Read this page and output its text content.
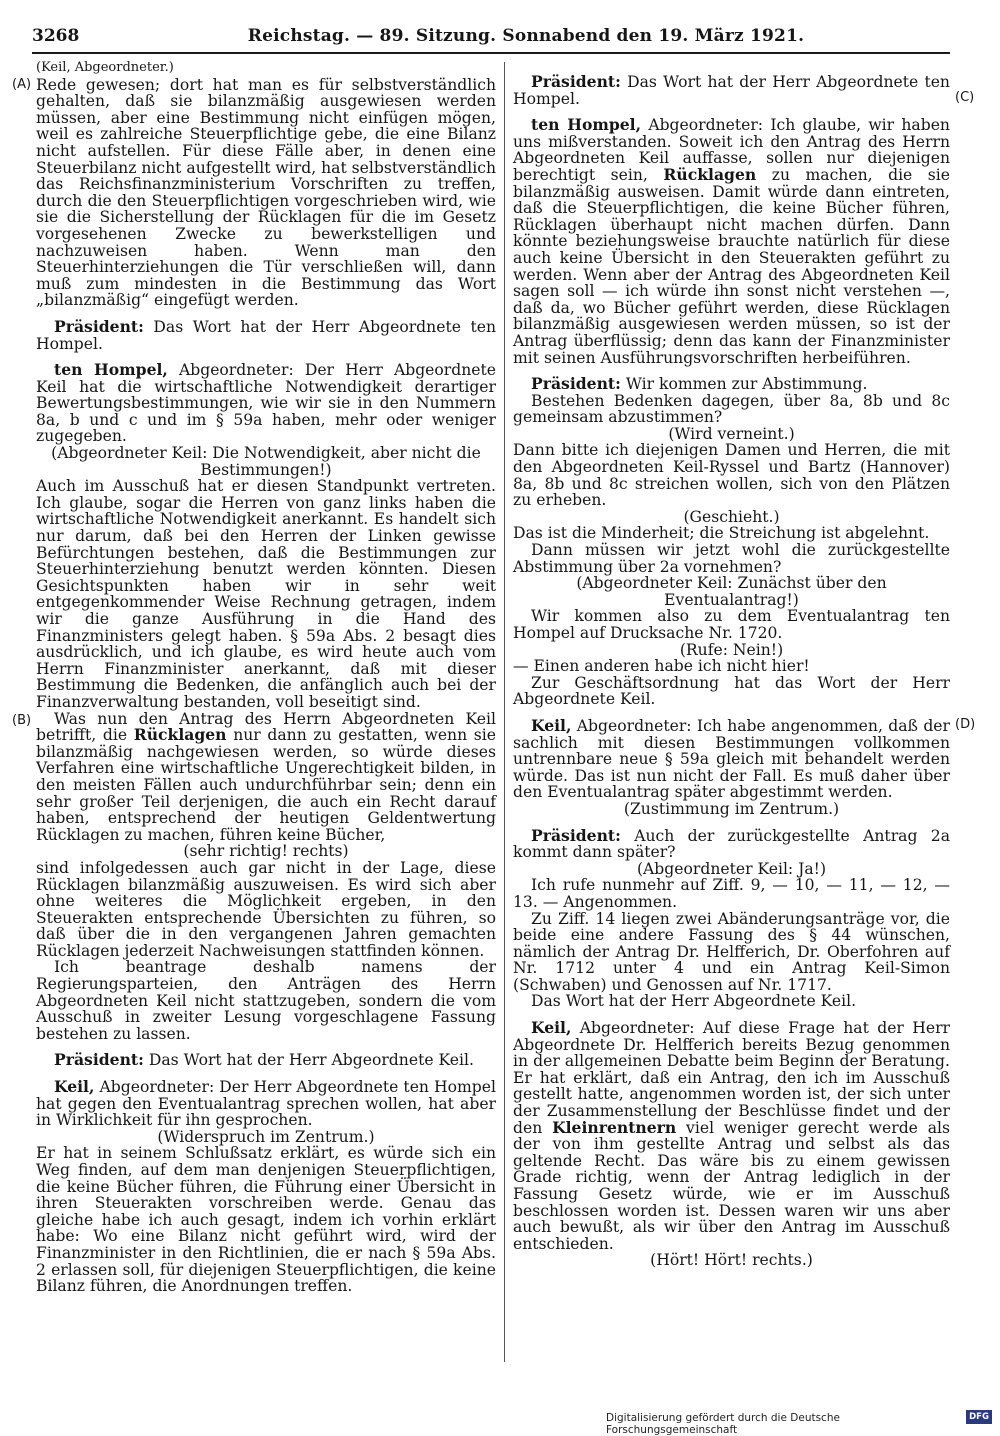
3268	Reichstag. — 89. Sitzung. Sonnabend den 19. März 1921.
(A)
(B)
(C)
(D)

(Keil, Abgeordneter.)

Rede gewesen; dort hat man es für selbstverständlich gehalten, daß sie bilanzmäßig ausgewiesen werden müssen, aber eine Bestimmung nicht einfügen mögen, weil es zahlreiche Steuerpflichtige gebe, die eine Bilanz nicht aufstellen. Für diese Fälle aber, in denen eine Steuerbilanz nicht aufgestellt wird, hat selbstverständlich das Reichsfinanzministerium Vorschriften zu treffen, durch die den Steuerpflichtigen vorgeschrieben wird, wie sie die Sicherstellung der Rücklagen für die im Gesetz vorgesehenen Zwecke zu bewerkstelligen und nachzuweisen haben. Wenn man den Steuerhinterziehungen die Tür verschließen will, dann muß zum mindesten in die Bestimmung das Wort „bilanzmäßig“ eingefügt werden.

Präsident: Das Wort hat der Herr Abgeordnete ten Hompel.

ten Hompel, Abgeordneter: Der Herr Abgeordnete Keil hat die wirtschaftliche Notwendigkeit derartiger Bewertungsbestimmungen, wie wir sie in den Nummern 8a, b und c und im § 59a haben, mehr oder weniger zugegeben.

(Abgeordneter Keil: Die Notwendigkeit, aber nicht die Bestimmungen!)

Auch im Ausschuß hat er diesen Standpunkt vertreten. Ich glaube, sogar die Herren von ganz links haben die wirtschaftliche Notwendigkeit anerkannt. Es handelt sich nur darum, daß bei den Herren der Linken gewisse Befürchtungen bestehen, daß die Bestimmungen zur Steuerhinterziehung benutzt werden könnten. Diesen Gesichtspunkten haben wir in sehr weit entgegenkommender Weise Rechnung getragen, indem wir die ganze Ausführung in die Hand des Finanzministers gelegt haben. § 59a Abs. 2 besagt dies ausdrücklich, und ich glaube, es wird heute auch vom Herrn Finanzminister anerkannt, daß mit dieser Bestimmung die Bedenken, die anfänglich auch bei der Finanzverwaltung bestanden, voll beseitigt sind.

Was nun den Antrag des Herrn Abgeordneten Keil betrifft, die Rücklagen nur dann zu gestatten, wenn sie bilanzmäßig nachgewiesen werden, so würde dieses Verfahren eine wirtschaftliche Ungerechtigkeit bilden, in den meisten Fällen auch undurchführbar sein; denn ein sehr großer Teil derjenigen, die auch ein Recht darauf haben, entsprechend der heutigen Geldentwertung Rücklagen zu machen, führen keine Bücher,

(sehr richtig! rechts)

sind infolgedessen auch gar nicht in der Lage, diese Rücklagen bilanzmäßig auszuweisen. Es wird sich aber ohne weiteres die Möglichkeit ergeben, in den Steuerakten entsprechende Übersichten zu führen, so daß über die in den vergangenen Jahren gemachten Rücklagen jederzeit Nachweisungen stattfinden können.

Ich beantrage deshalb namens der Regierungsparteien, den Anträgen des Herrn Abgeordneten Keil nicht stattzugeben, sondern die vom Ausschuß in zweiter Lesung vorgeschlagene Fassung bestehen zu lassen.

Präsident: Das Wort hat der Herr Abgeordnete Keil.

Keil, Abgeordneter: Der Herr Abgeordnete ten Hompel hat gegen den Eventualantrag sprechen wollen, hat aber in Wirklichkeit für ihn gesprochen.

(Widerspruch im Zentrum.)

Er hat in seinem Schlußsatz erklärt, es würde sich ein Weg finden, auf dem man denjenigen Steuerpflichtigen, die keine Bücher führen, die Führung einer Übersicht in ihren Steuerakten vorschreiben werde. Genau das gleiche habe ich auch gesagt, indem ich vorhin erklärt habe: Wo eine Bilanz nicht geführt wird, wird der Finanzminister in den Richtlinien, die er nach § 59a Abs. 2 erlassen soll, für diejenigen Steuerpflichtigen, die keine Bilanz führen, die Anordnungen treffen.

Präsident: Das Wort hat der Herr Abgeordnete ten Hompel.

ten Hompel, Abgeordneter: Ich glaube, wir haben uns mißverstanden. Soweit ich den Antrag des Herrn Abgeordneten Keil auffasse, sollen nur diejenigen berechtigt sein, Rücklagen zu machen, die sie bilanzmäßig ausweisen. Damit würde dann eintreten, daß die Steuerpflichtigen, die keine Bücher führen, Rücklagen überhaupt nicht machen dürfen. Dann könnte beziehungsweise brauchte natürlich für diese auch keine Übersicht in den Steuerakten geführt zu werden. Wenn aber der Antrag des Abgeordneten Keil sagen soll — ich würde ihn sonst nicht verstehen —, daß da, wo Bücher geführt werden, diese Rücklagen bilanzmäßig ausgewiesen werden müssen, so ist der Antrag überflüssig; denn das kann der Finanzminister mit seinen Ausführungsvorschriften herbeiführen.

Präsident: Wir kommen zur Abstimmung.

Bestehen Bedenken dagegen, über 8a, 8b und 8c gemeinsam abzustimmen?

(Wird verneint.)

Dann bitte ich diejenigen Damen und Herren, die mit den Abgeordneten Keil-Ryssel und Bartz (Hannover) 8a, 8b und 8c streichen wollen, sich von den Plätzen zu erheben.

(Geschieht.)

Das ist die Minderheit; die Streichung ist abgelehnt.

Dann müssen wir jetzt wohl die zurückgestellte Abstimmung über 2a vornehmen?

(Abgeordneter Keil: Zunächst über den Eventualantrag!)

Wir kommen also zu dem Eventualantrag ten Hompel auf Drucksache Nr. 1720.

(Rufe: Nein!)

— Einen anderen habe ich nicht hier!

Zur Geschäftsordnung hat das Wort der Herr Abgeordnete Keil.

Keil, Abgeordneter: Ich habe angenommen, daß der sachlich mit diesen Bestimmungen vollkommen untrennbare neue § 59a gleich mit behandelt werden würde. Das ist nun nicht der Fall. Es muß daher über den Eventualantrag später abgestimmt werden.

(Zustimmung im Zentrum.)

Präsident: Auch der zurückgestellte Antrag 2a kommt dann später?

(Abgeordneter Keil: Ja!)

Ich rufe nunmehr auf Ziff. 9, — 10, — 11, — 12, — 13. — Angenommen.

Zu Ziff. 14 liegen zwei Abänderungsanträge vor, die beide eine andere Fassung des § 44 wünschen, nämlich der Antrag Dr. Helfferich, Dr. Oberfohren auf Nr. 1712 unter 4 und ein Antrag Keil-Simon (Schwaben) und Genossen auf Nr. 1717.

Das Wort hat der Herr Abgeordnete Keil.

Keil, Abgeordneter: Auf diese Frage hat der Herr Abgeordnete Dr. Helfferich bereits Bezug genommen in der allgemeinen Debatte beim Beginn der Beratung. Er hat erklärt, daß ein Antrag, den ich im Ausschuß gestellt hatte, angenommen worden ist, der sich unter der Zusammenstellung der Beschlüsse findet und der den Kleinrentnern viel weniger gerecht werde als der von ihm gestellte Antrag und selbst als das geltende Recht. Das wäre bis zu einem gewissen Grade richtig, wenn der Antrag lediglich in der Fassung Gesetz würde, wie er im Ausschuß beschlossen worden ist. Dessen waren wir uns aber auch bewußt, als wir über den Antrag im Ausschuß entschieden.

(Hört! Hört! rechts.)

Digitalisierung gefördert durch die Deutsche Forschungsgemeinschaft
DFG
